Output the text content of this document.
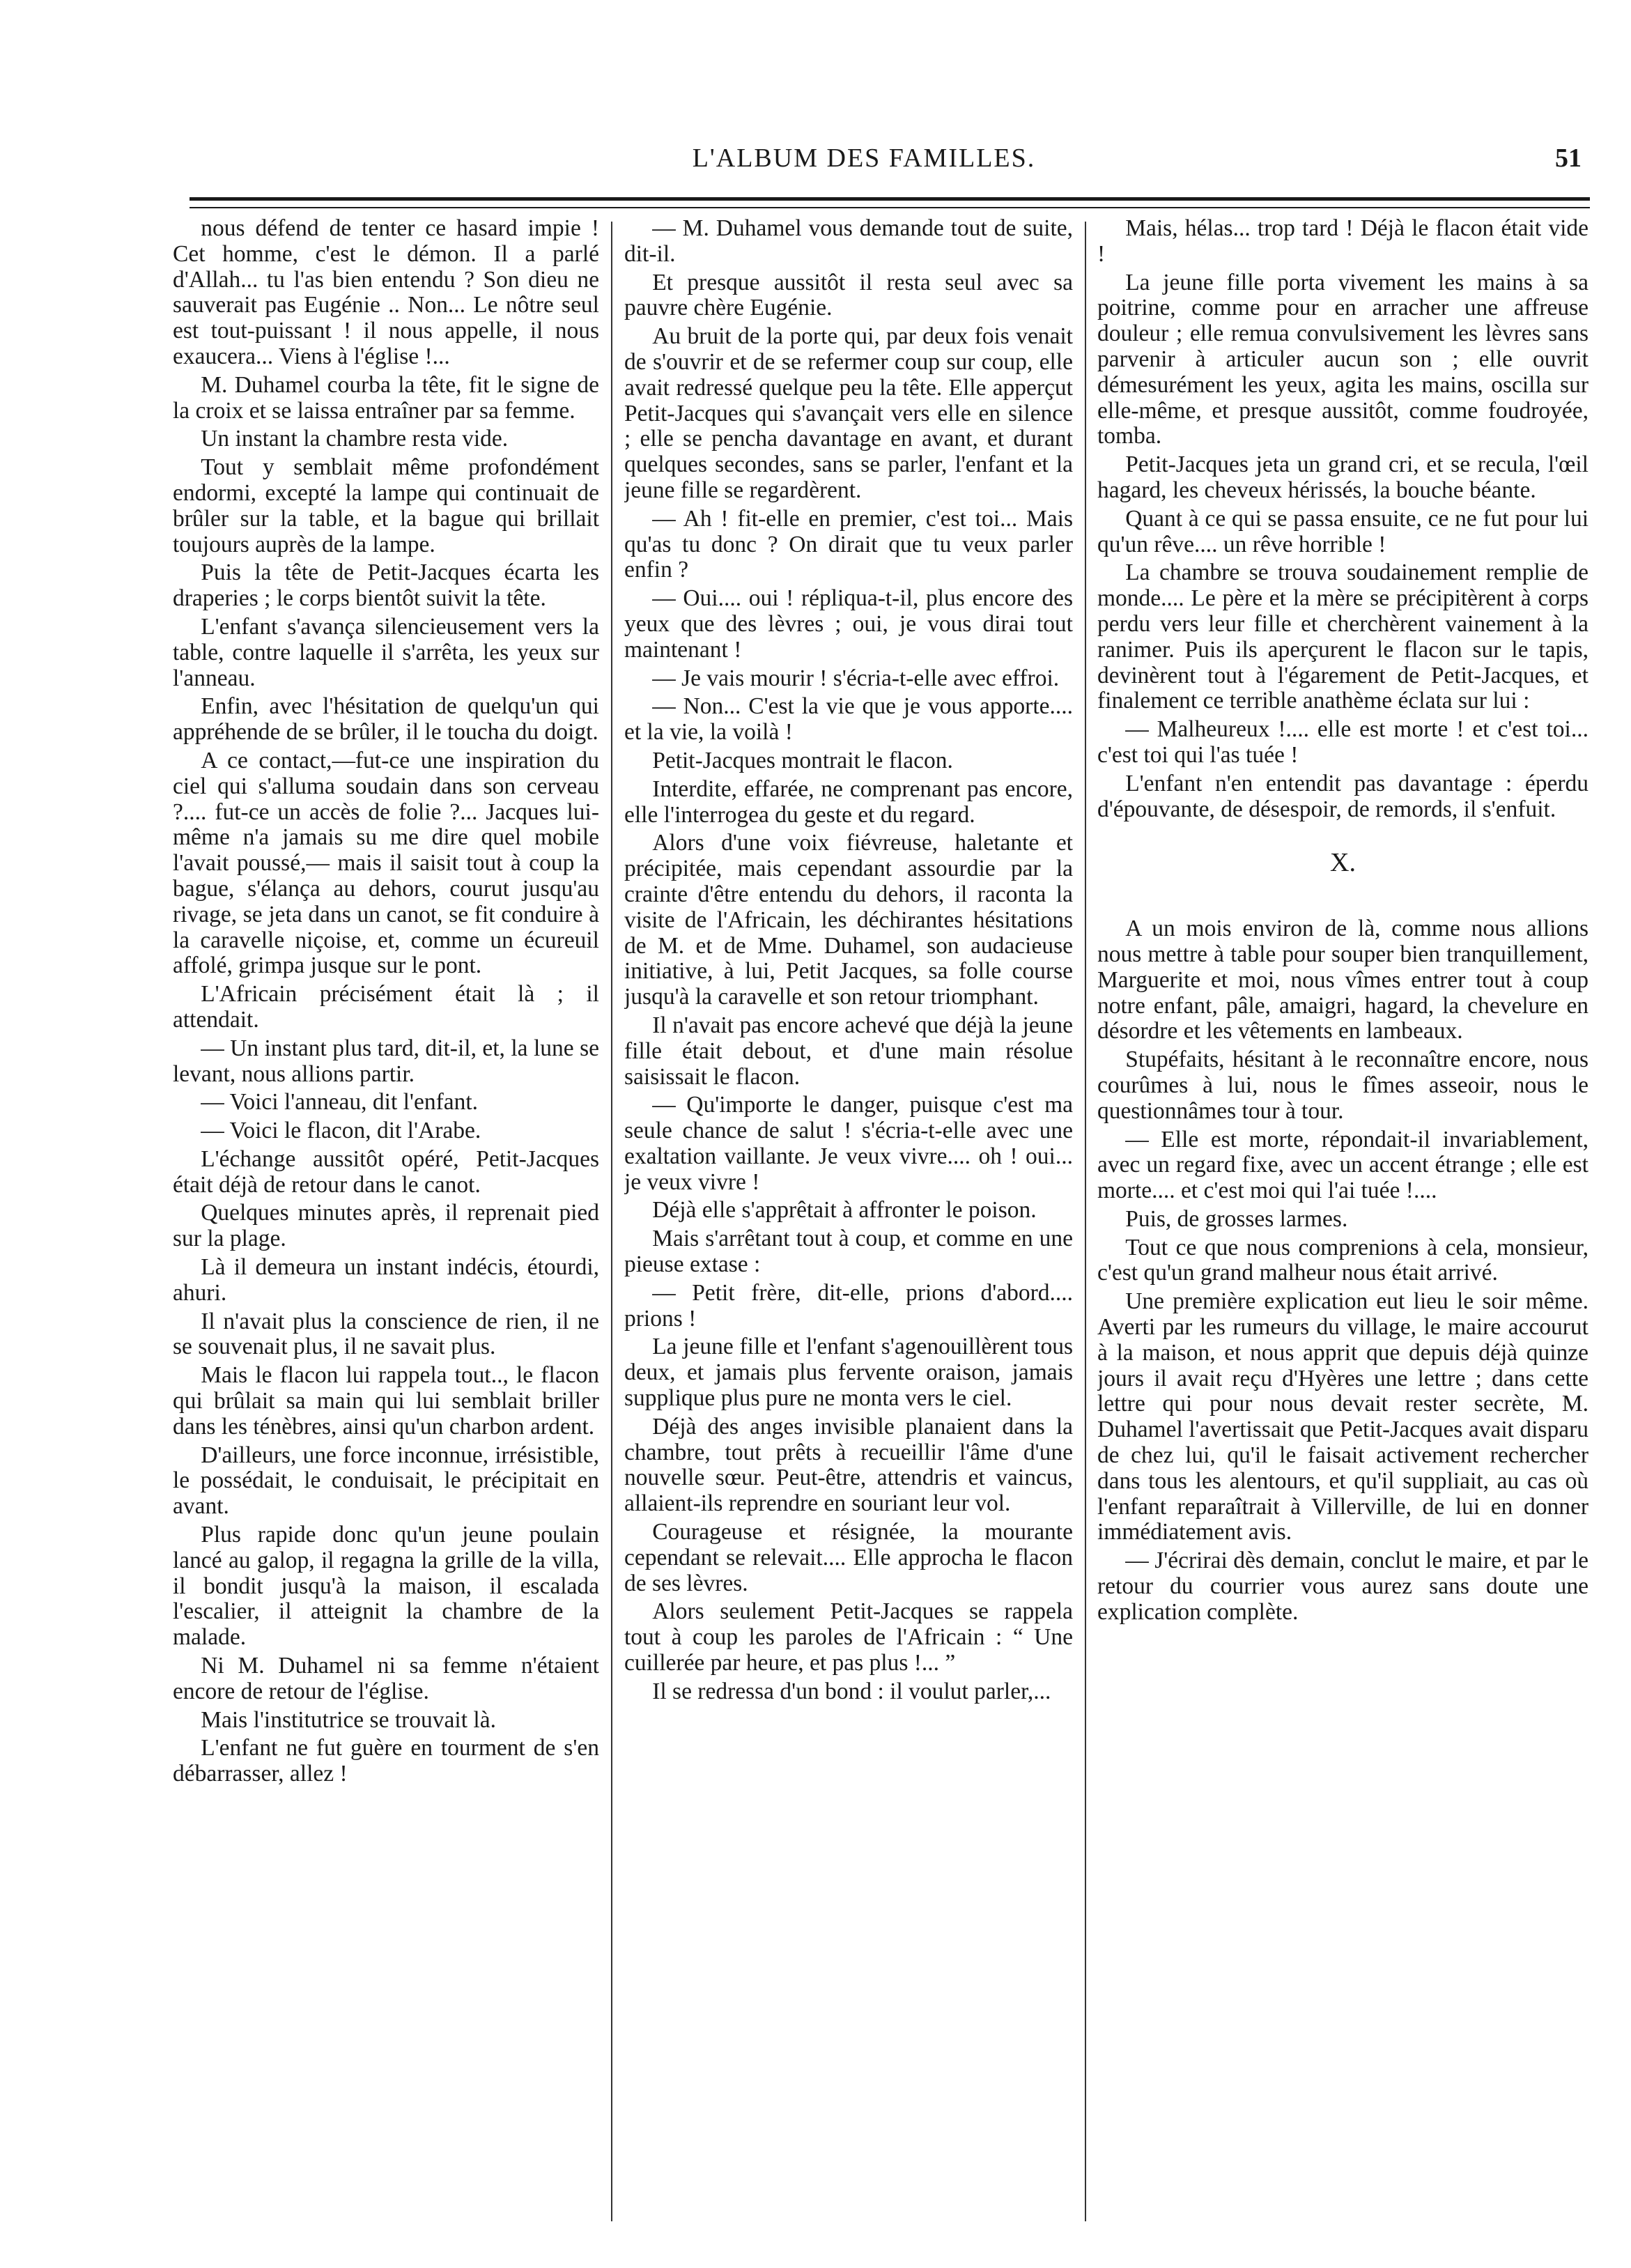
L'ALBUM DES FAMILLES.	51

nous défend de tenter ce hasard impie ! Cet homme, c'est le démon. Il a parlé d'Allah... tu l'as bien entendu ? Son dieu ne sauverait pas Eugénie .. Non... Le nôtre seul est tout-puissant ! il nous appelle, il nous exaucera... Viens à l'église !...

M. Duhamel courba la tête, fit le signe de la croix et se laissa entraîner par sa femme.

Un instant la chambre resta vide.

Tout y semblait même profondément endormi, excepté la lampe qui continuait de brûler sur la table, et la bague qui brillait toujours auprès de la lampe.

Puis la tête de Petit-Jacques écarta les draperies ; le corps bientôt suivit la tête.

L'enfant s'avança silencieusement vers la table, contre laquelle il s'arrêta, les yeux sur l'anneau.

Enfin, avec l'hésitation de quelqu'un qui appréhende de se brûler, il le toucha du doigt.

A ce contact,—fut-ce une inspiration du ciel qui s'alluma soudain dans son cerveau ?.... fut-ce un accès de folie ?... Jacques lui-même n'a jamais su me dire quel mobile l'avait poussé,— mais il saisit tout à coup la bague, s'élança au dehors, courut jusqu'au rivage, se jeta dans un canot, se fit conduire à la caravelle niçoise, et, comme un écureuil affolé, grimpa jusque sur le pont.

L'Africain précisément était là ; il attendait.

— Un instant plus tard, dit-il, et, la lune se levant, nous allions partir.

— Voici l'anneau, dit l'enfant.

— Voici le flacon, dit l'Arabe.

L'échange aussitôt opéré, Petit-Jacques était déjà de retour dans le canot.

Quelques minutes après, il reprenait pied sur la plage.

Là il demeura un instant indécis, étourdi, ahuri.

Il n'avait plus la conscience de rien, il ne se souvenait plus, il ne savait plus.

Mais le flacon lui rappela tout.., le flacon qui brûlait sa main qui lui semblait briller dans les ténèbres, ainsi qu'un charbon ardent.

D'ailleurs, une force inconnue, irrésistible, le possédait, le conduisait, le précipitait en avant.

Plus rapide donc qu'un jeune poulain lancé au galop, il regagna la grille de la villa, il bondit jusqu'à la maison, il escalada l'escalier, il atteignit la chambre de la malade.

Ni M. Duhamel ni sa femme n'étaient encore de retour de l'église.

Mais l'institutrice se trouvait là.

L'enfant ne fut guère en tourment de s'en débarrasser, allez !

— M. Duhamel vous demande tout de suite, dit-il.

Et presque aussitôt il resta seul avec sa pauvre chère Eugénie.

Au bruit de la porte qui, par deux fois venait de s'ouvrir et de se refermer coup sur coup, elle avait redressé quelque peu la tête. Elle apperçut Petit-Jacques qui s'avançait vers elle en silence ; elle se pencha davantage en avant, et durant quelques secondes, sans se parler, l'enfant et la jeune fille se regardèrent.

— Ah ! fit-elle en premier, c'est toi... Mais qu'as tu donc ? On dirait que tu veux parler enfin ?

— Oui.... oui ! répliqua-t-il, plus encore des yeux que des lèvres ; oui, je vous dirai tout maintenant !

— Je vais mourir ! s'écria-t-elle avec effroi.

— Non... C'est la vie que je vous apporte.... et la vie, la voilà !

Petit-Jacques montrait le flacon.

Interdite, effarée, ne comprenant pas encore, elle l'interrogea du geste et du regard.

Alors d'une voix fiévreuse, haletante et précipitée, mais cependant assourdie par la crainte d'être entendu du dehors, il raconta la visite de l'Africain, les déchirantes hésitations de M. et de Mme. Duhamel, son audacieuse initiative, à lui, Petit Jacques, sa folle course jusqu'à la caravelle et son retour triomphant.

Il n'avait pas encore achevé que déjà la jeune fille était debout, et d'une main résolue saisissait le flacon.

— Qu'importe le danger, puisque c'est ma seule chance de salut ! s'écria-t-elle avec une exaltation vaillante. Je veux vivre.... oh ! oui... je veux vivre !

Déjà elle s'apprêtait à affronter le poison.

Mais s'arrêtant tout à coup, et comme en une pieuse extase :

— Petit frère, dit-elle, prions d'abord.... prions !

La jeune fille et l'enfant s'agenouillèrent tous deux, et jamais plus fervente oraison, jamais supplique plus pure ne monta vers le ciel.

Déjà des anges invisible planaient dans la chambre, tout prêts à recueillir l'âme d'une nouvelle sœur. Peut-être, attendris et vaincus, allaient-ils reprendre en souriant leur vol.

Courageuse et résignée, la mourante cependant se relevait.... Elle approcha le flacon de ses lèvres.

Alors seulement Petit-Jacques se rappela tout à coup les paroles de l'Africain : “ Une cuillerée par heure, et pas plus !... ”

Il se redressa d'un bond : il voulut parler,...

Mais, hélas... trop tard ! Déjà le flacon était vide !

La jeune fille porta vivement les mains à sa poitrine, comme pour en arracher une affreuse douleur ; elle remua convulsivement les lèvres sans parvenir à articuler aucun son ; elle ouvrit démesurément les yeux, agita les mains, oscilla sur elle-même, et presque aussitôt, comme foudroyée, tomba.

Petit-Jacques jeta un grand cri, et se recula, l'œil hagard, les cheveux hérissés, la bouche béante.

Quant à ce qui se passa ensuite, ce ne fut pour lui qu'un rêve.... un rêve horrible !

La chambre se trouva soudainement remplie de monde.... Le père et la mère se précipitèrent à corps perdu vers leur fille et cherchèrent vainement à la ranimer. Puis ils aperçurent le flacon sur le tapis, devinèrent tout à l'égarement de Petit-Jacques, et finalement ce terrible anathème éclata sur lui :

— Malheureux !.... elle est morte ! et c'est toi... c'est toi qui l'as tuée !

L'enfant n'en entendit pas davantage : éperdu d'épouvante, de désespoir, de remords, il s'enfuit.

X.

A un mois environ de là, comme nous allions nous mettre à table pour souper bien tranquillement, Marguerite et moi, nous vîmes entrer tout à coup notre enfant, pâle, amaigri, hagard, la chevelure en désordre et les vêtements en lambeaux.

Stupéfaits, hésitant à le reconnaître encore, nous courûmes à lui, nous le fîmes asseoir, nous le questionnâmes tour à tour.

— Elle est morte, répondait-il invariablement, avec un regard fixe, avec un accent étrange ; elle est morte.... et c'est moi qui l'ai tuée !....

Puis, de grosses larmes.

Tout ce que nous comprenions à cela, monsieur, c'est qu'un grand malheur nous était arrivé.

Une première explication eut lieu le soir même. Averti par les rumeurs du village, le maire accourut à la maison, et nous apprit que depuis déjà quinze jours il avait reçu d'Hyères une lettre ; dans cette lettre qui pour nous devait rester secrète, M. Duhamel l'avertissait que Petit-Jacques avait disparu de chez lui, qu'il le faisait activement rechercher dans tous les alentours, et qu'il suppliait, au cas où l'enfant reparaîtrait à Villerville, de lui en donner immédiatement avis.

— J'écrirai dès demain, conclut le maire, et par le retour du courrier vous aurez sans doute une explication complète.
